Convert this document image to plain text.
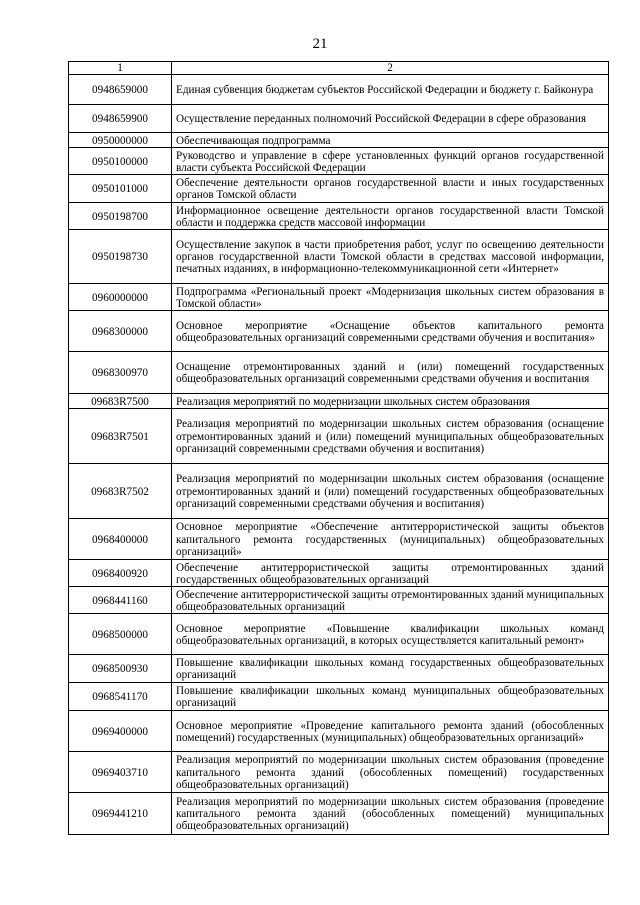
21
1	2
0948659000	Единая субвенция бюджетам субъектов Российской Федерации и бюджету г. Байконура
0948659900	Осуществление переданных полномочий Российской Федерации в сфере образования
0950000000	Обеспечивающая подпрограмма
0950100000	Руководство и управление в сфере установленных функций органов государственной власти субъекта Российской Федерации
0950101000	Обеспечение деятельности органов государственной власти и иных государственных органов Томской области
0950198700	Информационное освещение деятельности органов государственной власти Томской области и поддержка средств массовой информации
0950198730	Осуществление закупок в части приобретения работ, услуг по освещению деятельности органов государственной власти Томской области в средствах массовой информации, печатных изданиях, в информационно-телекоммуникационной сети «Интернет»
0960000000	Подпрограмма «Региональный проект «Модернизация школьных систем образования в Томской области»
0968300000	Основное мероприятие «Оснащение объектов капитального ремонта общеобразовательных организаций современными средствами обучения и воспитания»
0968300970	Оснащение отремонтированных зданий и (или) помещений государственных общеобразовательных организаций современными средствами обучения и воспитания
09683R7500	Реализация мероприятий по модернизации школьных систем образования
09683R7501	Реализация мероприятий по модернизации школьных систем образования (оснащение отремонтированных зданий и (или) помещений муниципальных общеобразовательных организаций современными средствами обучения и воспитания)
09683R7502	Реализация мероприятий по модернизации школьных систем образования (оснащение отремонтированных зданий и (или) помещений государственных общеобразовательных организаций современными средствами обучения и воспитания)
0968400000	Основное мероприятие «Обеспечение антитеррористической защиты объектов капитального ремонта государственных (муниципальных) общеобразовательных организаций»
0968400920	Обеспечение антитеррористической защиты отремонтированных зданий государственных общеобразовательных организаций
0968441160	Обеспечение антитеррористической защиты отремонтированных зданий муниципальных общеобразовательных организаций
0968500000	Основное мероприятие «Повышение квалификации школьных команд общеобразовательных организаций, в которых осуществляется капитальный ремонт»
0968500930	Повышение квалификации школьных команд государственных общеобразовательных организаций
0968541170	Повышение квалификации школьных команд муниципальных общеобразовательных организаций
0969400000	Основное мероприятие «Проведение капитального ремонта зданий (обособленных помещений) государственных (муниципальных) общеобразовательных организаций»
0969403710	Реализация мероприятий по модернизации школьных систем образования (проведение капитального ремонта зданий (обособленных помещений) государственных общеобразовательных организаций)
0969441210	Реализация мероприятий по модернизации школьных систем образования (проведение капитального ремонта зданий (обособленных помещений) муниципальных общеобразовательных организаций)
